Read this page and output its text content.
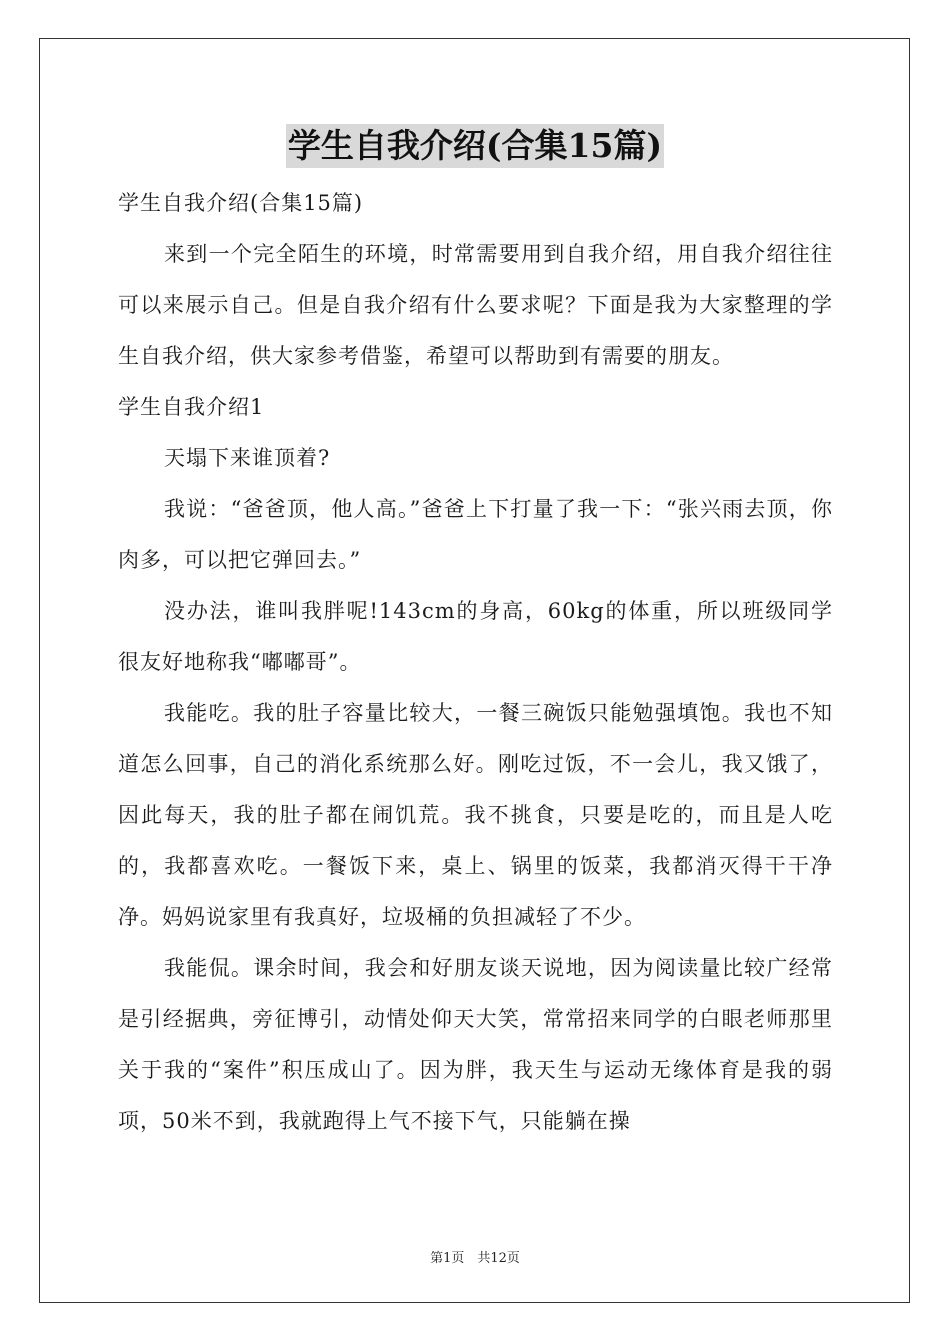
学生自我介绍(合集15篇)

学生自我介绍(合集15篇)

来到一个完全陌生的环境，时常需要用到自我介绍，用自我介绍往往可以来展示自己。但是自我介绍有什么要求呢？下面是我为大家整理的学生自我介绍，供大家参考借鉴，希望可以帮助到有需要的朋友。

学生自我介绍1

天塌下来谁顶着?

我说：“爸爸顶，他人高。”爸爸上下打量了我一下：“张兴雨去顶，你肉多，可以把它弹回去。”

没办法，谁叫我胖呢!143cm的身高，60kg的体重，所以班级同学很友好地称我“嘟嘟哥”。

我能吃。我的肚子容量比较大，一餐三碗饭只能勉强填饱。我也不知道怎么回事，自己的消化系统那么好。刚吃过饭，不一会儿，我又饿了，因此每天，我的肚子都在闹饥荒。我不挑食，只要是吃的，而且是人吃的，我都喜欢吃。一餐饭下来，桌上、锅里的饭菜，我都消灭得干干净净。妈妈说家里有我真好，垃圾桶的负担减轻了不少。

我能侃。课余时间，我会和好朋友谈天说地，因为阅读量比较广经常是引经据典，旁征博引，动情处仰天大笑，常常招来同学的白眼老师那里关于我的“案件”积压成山了。因为胖，我天生与运动无缘体育是我的弱项，50米不到，我就跑得上气不接下气，只能躺在操

第1页　共12页
